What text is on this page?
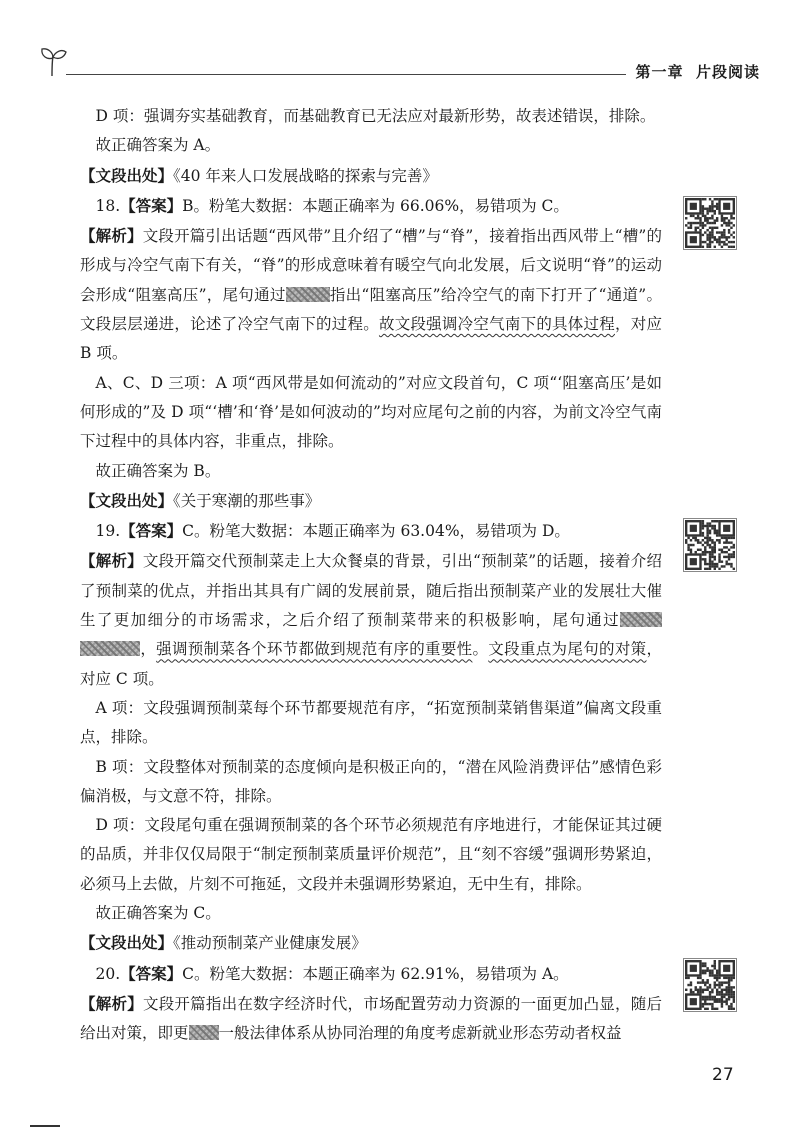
第一章 片段阅读

D 项：强调夯实基础教育，而基础教育已无法应对最新形势，故表述错误，排除。

故正确答案为 A。

【文段出处】《40 年来人口发展战略的探索与完善》

18.【答案】B。粉笔大数据：本题正确率为 66.06%，易错项为 C。

【解析】文段开篇引出话题“西风带”且介绍了“槽”与“脊”，接着指出西风带上“槽”的形成与冷空气南下有关，“脊”的形成意味着有暖空气向北发展，后文说明“脊”的运动会形成“阻塞高压”，尾句通过	指出“阻塞高压”给冷空气的南下打开了“通道”。文段层层递进，论述了冷空气南下的过程。故文段强调冷空气南下的具体过程，对应 B 项。

A、C、D 三项：A 项“西风带是如何流动的”对应文段首句，C 项“‘阻塞高压’是如何形成的”及 D 项“‘槽’和‘脊’是如何波动的”均对应尾句之前的内容，为前文冷空气南下过程中的具体内容，非重点，排除。

故正确答案为 B。

【文段出处】《关于寒潮的那些事》

19.【答案】C。粉笔大数据：本题正确率为 63.04%，易错项为 D。

【解析】文段开篇交代预制菜走上大众餐桌的背景，引出“预制菜”的话题，接着介绍了预制菜的优点，并指出其具有广阔的发展前景，随后指出预制菜产业的发展壮大催生了更加细分的市场需求，之后介绍了预制菜带来的积极影响，尾句通过，强调预制菜各个环节都做到规范有序的重要性。文段重点为尾句的对策，对应 C 项。

A 项：文段强调预制菜每个环节都要规范有序，“拓宽预制菜销售渠道”偏离文段重点，排除。

B 项：文段整体对预制菜的态度倾向是积极正向的，“潜在风险消费评估”感情色彩偏消极，与文意不符，排除。

D 项：文段尾句重在强调预制菜的各个环节必须规范有序地进行，才能保证其过硬的品质，并非仅仅局限于“制定预制菜质量评价规范”，且“刻不容缓”强调形势紧迫，必须马上去做，片刻不可拖延，文段并未强调形势紧迫，无中生有，排除。

故正确答案为 C。

【文段出处】《推动预制菜产业健康发展》

20.【答案】C。粉笔大数据：本题正确率为 62.91%，易错项为 A。

【解析】文段开篇指出在数字经济时代，市场配置劳动力资源的一面更加凸显，随后给出对策，即更 一般法律体系从协同治理的角度考虑新就业形态劳动者权益

27
